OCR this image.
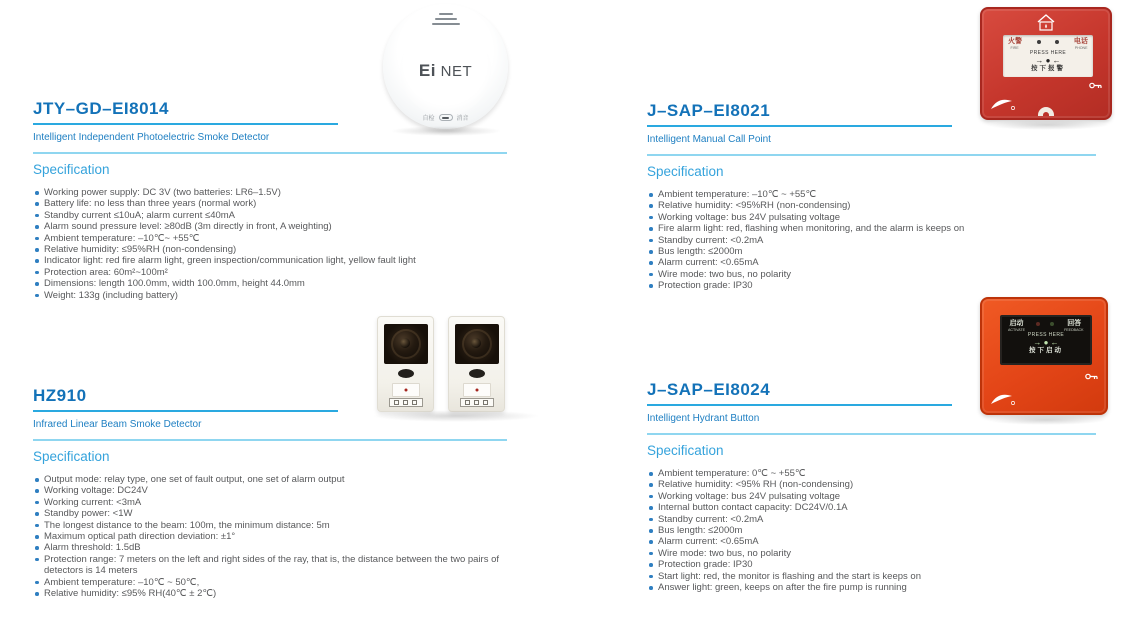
JTY–GD–EI8014
Intelligent Independent Photoelectric Smoke Detector
Specification
Working power supply: DC 3V (two batteries: LR6–1.5V)
Battery life: no less than three years (normal work)
Standby current ≤10uA; alarm current ≤40mA
Alarm sound pressure level: ≥80dB (3m directly in front, A weighting)
Ambient temperature: –10℃~ +55℃
Relative humidity: ≤95%RH (non-condensing)
Indicator light: red fire alarm light, green inspection/communication light, yellow fault light
Protection area: 60m²~100m²
Dimensions: length 100.0mm, width 100.0mm, height 44.0mm
Weight: 133g (including battery)
HZ910
Infrared Linear Beam Smoke Detector
Specification
Output mode: relay type, one set of fault output, one set of alarm output
Working voltage: DC24V
Working current: <3mA
Standby power: <1W
The longest distance to the beam: 100m, the minimum distance: 5m
Maximum optical path direction deviation: ±1°
Alarm threshold: 1.5dB
Protection range: 7 meters on the left and right sides of the ray, that is, the distance between the two pairs of detectors is 14 meters
Ambient temperature: –10℃ ~ 50℃,
Relative humidity: ≤95% RH(40℃ ± 2℃)
J–SAP–EI8021
Intelligent Manual Call Point
Specification
Ambient temperature: –10℃ ~ +55℃
Relative humidity: <95%RH (non-condensing)
Working voltage: bus 24V pulsating voltage
Fire alarm light: red, flashing when monitoring, and the alarm is keeps on
Standby current: <0.2mA
Bus length: ≤2000m
Alarm current: <0.65mA
Wire mode: two bus, no polarity
Protection grade: IP30
J–SAP–EI8024
Intelligent Hydrant Button
Specification
Ambient temperature: 0℃ ~ +55℃
Relative humidity: <95% RH (non-condensing)
Working voltage: bus 24V pulsating voltage
Internal button contact capacity: DC24V/0.1A
Standby current: <0.2mA
Bus length: ≤2000m
Alarm current: <0.65mA
Wire mode: two bus, no polarity
Protection grade: IP30
Start light: red, the monitor is flashing and the start is keeps on
Answer light: green, keeps on after the fire pump is running
Ei NET
自检	消音
火警
FIRE
电话
PHONE
PRESS HERE
→ ● ←
按下报警
启动
ACTIVATE
回答
FEEDBACK
PRESS HERE
→ ● ←
按下启动
